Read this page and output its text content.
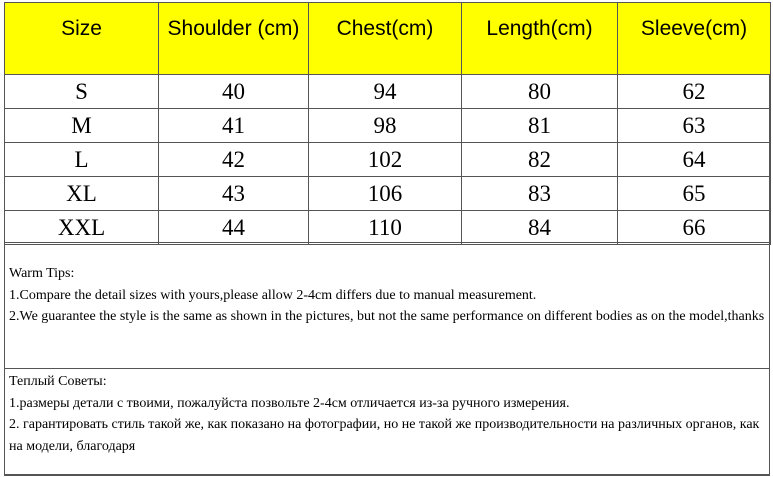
Size	Shoulder (cm)	Chest(cm)	Length(cm)	Sleeve(cm)
S	40	94	80	62
M	41	98	81	63
L	42	102	82	64
XL	43	106	83	65
XXL	44	110	84	66

Warm Tips:

1.Compare the detail sizes with yours,please allow 2-4cm differs due to manual measurement.

2.We guarantee the style is the same as shown in the pictures, but not the same performance on different bodies as on the model,thanks

Теплый Советы:

1.размеры детали с твоими, пожалуйста позвольте 2-4см отличается из-за ручного измерения.

2. гарантировать стиль такой же, как показано на фотографии, но не такой же производительности на различных органов, как на модели, благодаря
